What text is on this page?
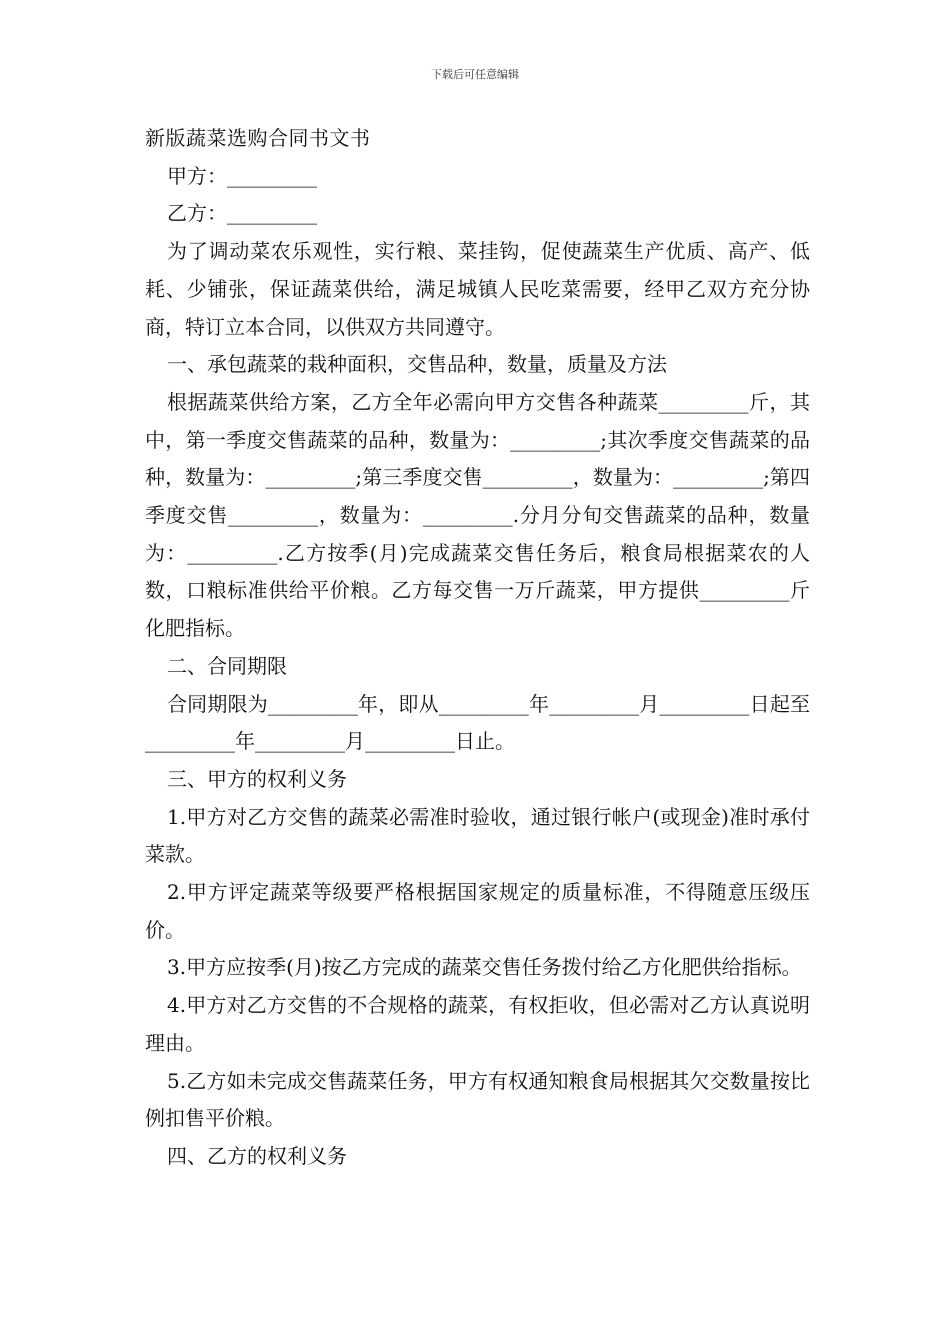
下载后可任意编辑

新版蔬菜选购合同书文书

甲方：_________

乙方：_________

为了调动菜农乐观性，实行粮、菜挂钩，促使蔬菜生产优质、高产、低耗、少铺张，保证蔬菜供给，满足城镇人民吃菜需要，经甲乙双方充分协商，特订立本合同，以供双方共同遵守。

一、承包蔬菜的栽种面积，交售品种，数量，质量及方法

根据蔬菜供给方案，乙方全年必需向甲方交售各种蔬菜_________斤，其中，第一季度交售蔬菜的品种，数量为：_________;其次季度交售蔬菜的品种，数量为：_________;第三季度交售_________，数量为：_________;第四季度交售_________，数量为：_________.分月分旬交售蔬菜的品种，数量为：_________.乙方按季(月)完成蔬菜交售任务后，粮食局根据菜农的人数，口粮标准供给平价粮。乙方每交售一万斤蔬菜，甲方提供_________斤化肥指标。

二、合同期限

合同期限为_________年，即从_________年_________月_________日起至_________年_________月_________日止。

三、甲方的权利义务

1.甲方对乙方交售的蔬菜必需准时验收，通过银行帐户(或现金)准时承付菜款。

2.甲方评定蔬菜等级要严格根据国家规定的质量标准，不得随意压级压价。

3.甲方应按季(月)按乙方完成的蔬菜交售任务拨付给乙方化肥供给指标。

4.甲方对乙方交售的不合规格的蔬菜，有权拒收，但必需对乙方认真说明理由。

5.乙方如未完成交售蔬菜任务，甲方有权通知粮食局根据其欠交数量按比例扣售平价粮。

四、乙方的权利义务
